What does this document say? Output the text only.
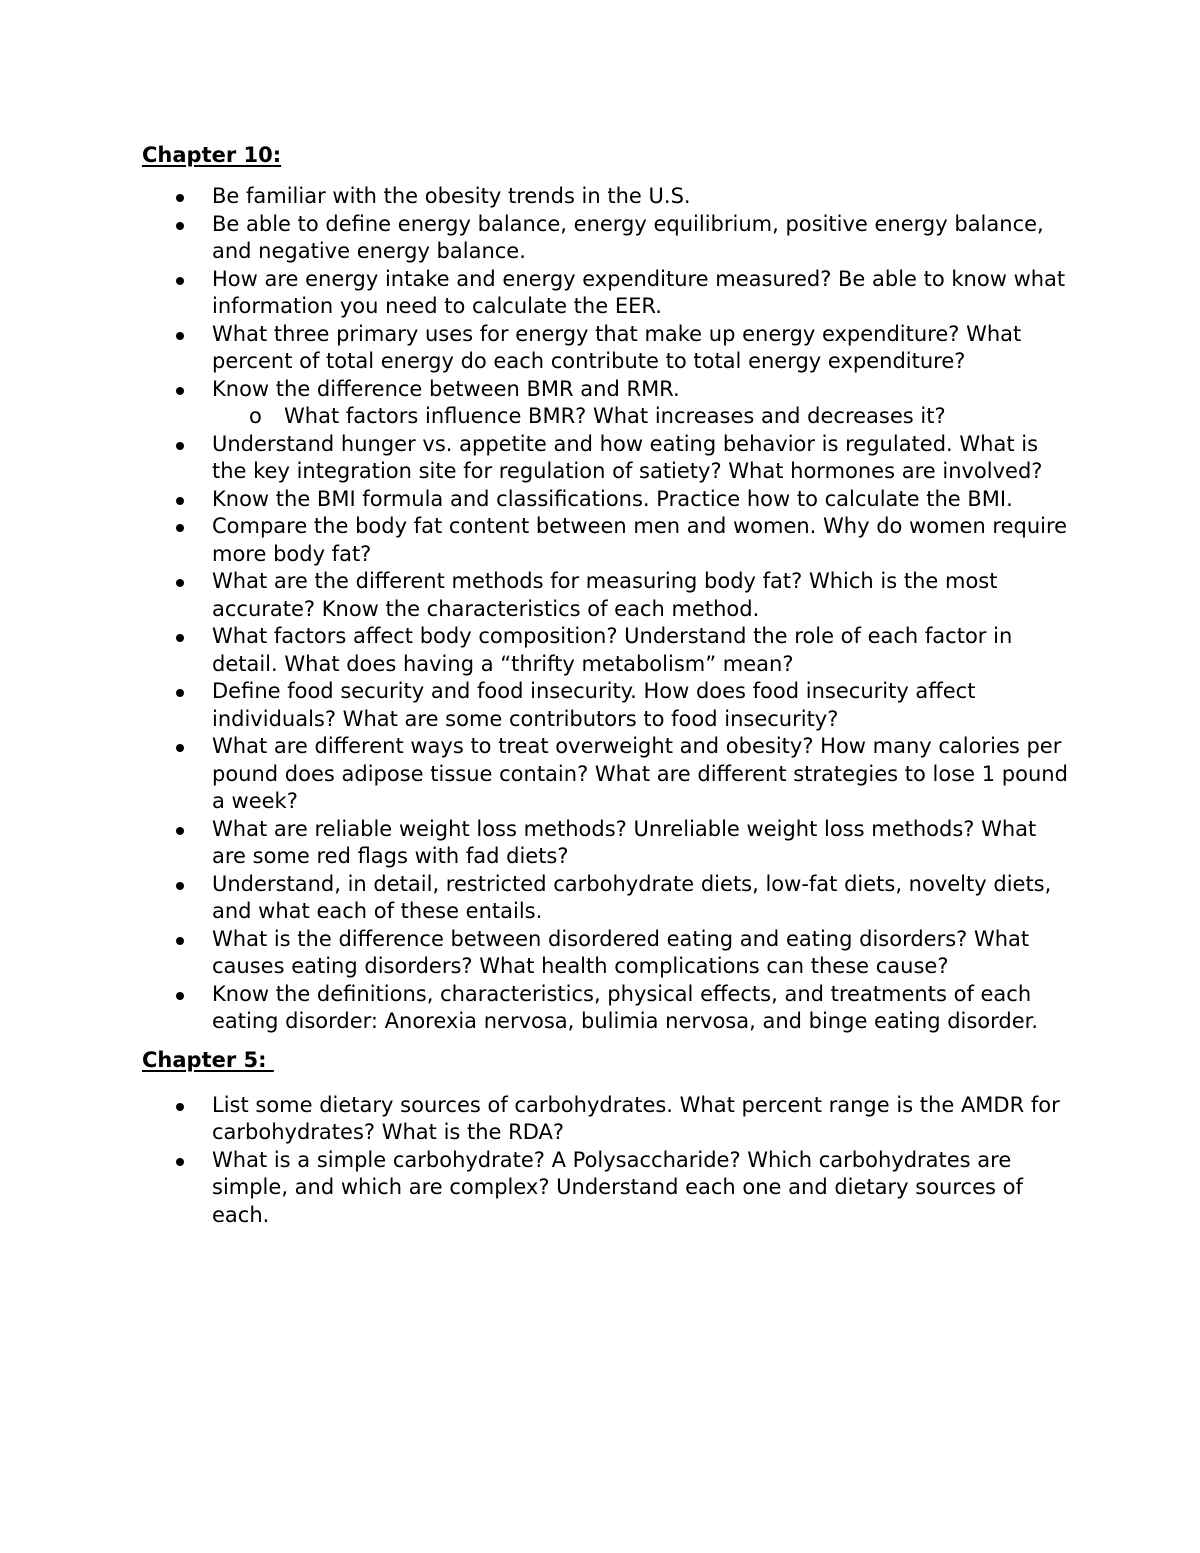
Chapter 10:
Be familiar with the obesity trends in the U.S.
Be able to define energy balance, energy equilibrium, positive energy balance, and negative energy balance.
How are energy intake and energy expenditure measured? Be able to know what information you need to calculate the EER.
What three primary uses for energy that make up energy expenditure? What percent of total energy do each contribute to total energy expenditure?
Know the difference between BMR and RMR.
o What factors influence BMR? What increases and decreases it?
Understand hunger vs. appetite and how eating behavior is regulated. What is the key integration site for regulation of satiety? What hormones are involved?
Know the BMI formula and classifications. Practice how to calculate the BMI.
Compare the body fat content between men and women. Why do women require more body fat?
What are the different methods for measuring body fat? Which is the most accurate? Know the characteristics of each method.
What factors affect body composition? Understand the role of each factor in detail. What does having a “thrifty metabolism” mean?
Define food security and food insecurity. How does food insecurity affect individuals? What are some contributors to food insecurity?
What are different ways to treat overweight and obesity? How many calories per pound does adipose tissue contain? What are different strategies to lose 1 pound a week?
What are reliable weight loss methods? Unreliable weight loss methods? What are some red flags with fad diets?
Understand, in detail, restricted carbohydrate diets, low-fat diets, novelty diets, and what each of these entails.
What is the difference between disordered eating and eating disorders? What causes eating disorders? What health complications can these cause?
Know the definitions, characteristics, physical effects, and treatments of each eating disorder: Anorexia nervosa, bulimia nervosa, and binge eating disorder.
Chapter 5:
List some dietary sources of carbohydrates. What percent range is the AMDR for carbohydrates? What is the RDA?
What is a simple carbohydrate? A Polysaccharide? Which carbohydrates are simple, and which are complex? Understand each one and dietary sources of each.
